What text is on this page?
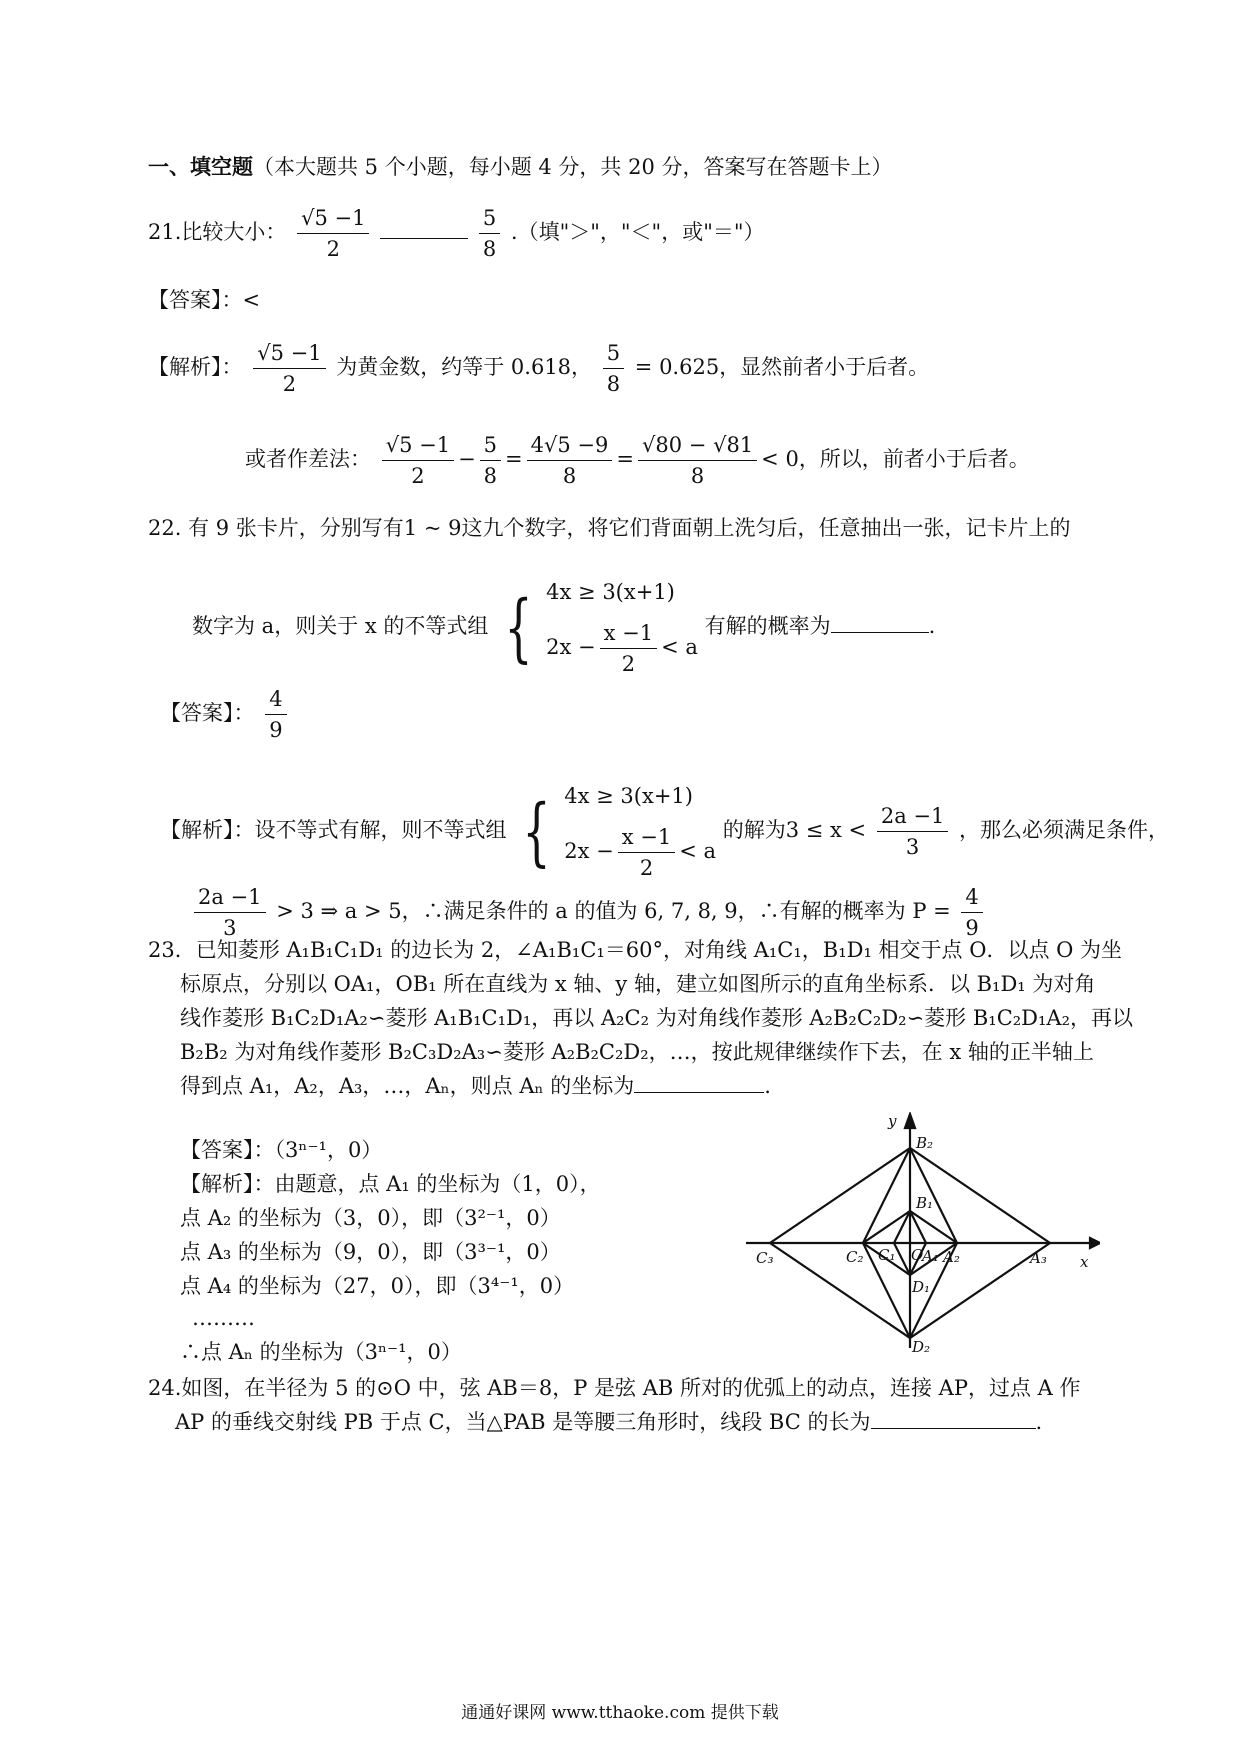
一、填空题（本大题共 5 个小题，每小题 4 分，共 20 分，答案写在答题卡上）
21.比较大小： $\frac{√5 -1}{2}$
	$\frac{5}{8}$ .（填"＞"，"＜"，或"＝"）
【答案】：<
【解析】： $\frac{√5 -1}{2}$ 为黄金数，约等于 0.618， $\frac{5}{8} = 0.625$，显然前者小于后者。
或者作差法： $\frac{√5 -1}{2} - \frac{5}{8} = \frac{4√5 -9}{8} = \frac{√80 - √81}{8} < 0$，所以，前者小于后者。
22. 有 9 张卡片，分别写有1 ~ 9这九个数字，将它们背面朝上洗匀后，任意抽出一张，记卡片上的
数字为 a，则关于 x 的不等式组 { 4x ≥ 3(x+1)
$2x - \frac{x -1}{2} < a$
有解的概率为	.
【答案】： $\frac{4}{9}$
【解析】：设不等式有解，则不等式组 { 4x ≥ 3(x+1)
$2x - \frac{x -1}{2} < a$
的解为$3 \le x < \frac{2a -1}{3}$ ，那么必须满足条件，
$\frac{2a -1}{3} > 3$ ⇒ a > 5，∴满足条件的 a 的值为 6, 7, 8, 9，∴有解的概率为 $P = \frac{4}{9}$
23．已知菱形 A₁B₁C₁D₁ 的边长为 2，∠A₁B₁C₁＝60°，对角线 A₁C₁，B₁D₁ 相交于点 O．以点 O 为坐
标原点，分别以 OA₁，OB₁ 所在直线为 x 轴、y 轴，建立如图所示的直角坐标系．以 B₁D₁ 为对角
线作菱形 B₁C₂D₁A₂∽菱形 A₁B₁C₁D₁，再以 A₂C₂ 为对角线作菱形 A₂B₂C₂D₂∽菱形 B₁C₂D₁A₂，再以
B₂B₂ 为对角线作菱形 B₂C₃D₂A₃∽菱形 A₂B₂C₂D₂，…，按此规律继续作下去，在 x 轴的正半轴上
得到点 A₁，A₂，A₃，…，Aₙ，则点 Aₙ 的坐标为	.
【答案】：（3ⁿ⁻¹，0）
【解析】：由题意，点 A₁ 的坐标为（1，0），
点 A₂ 的坐标为（3，0），即（3²⁻¹，0）
点 A₃ 的坐标为（9，0），即（3³⁻¹，0）
点 A₄ 的坐标为（27，0），即（3⁴⁻¹，0）
………
∴点 Aₙ 的坐标为（3ⁿ⁻¹，0）
y
x
B₂
B₁
C₃	C₂ C₁ O
A₁ A₂	A₃
D₁
D₂
24.如图，在半径为 5 的⊙O 中，弦 AB＝8，P 是弦 AB 所对的优弧上的动点，连接 AP，过点 A 作
AP 的垂线交射线 PB 于点 C，当△PAB 是等腰三角形时，线段 BC 的长为	.
通通好课网 www.tthaoke.com 提供下载
